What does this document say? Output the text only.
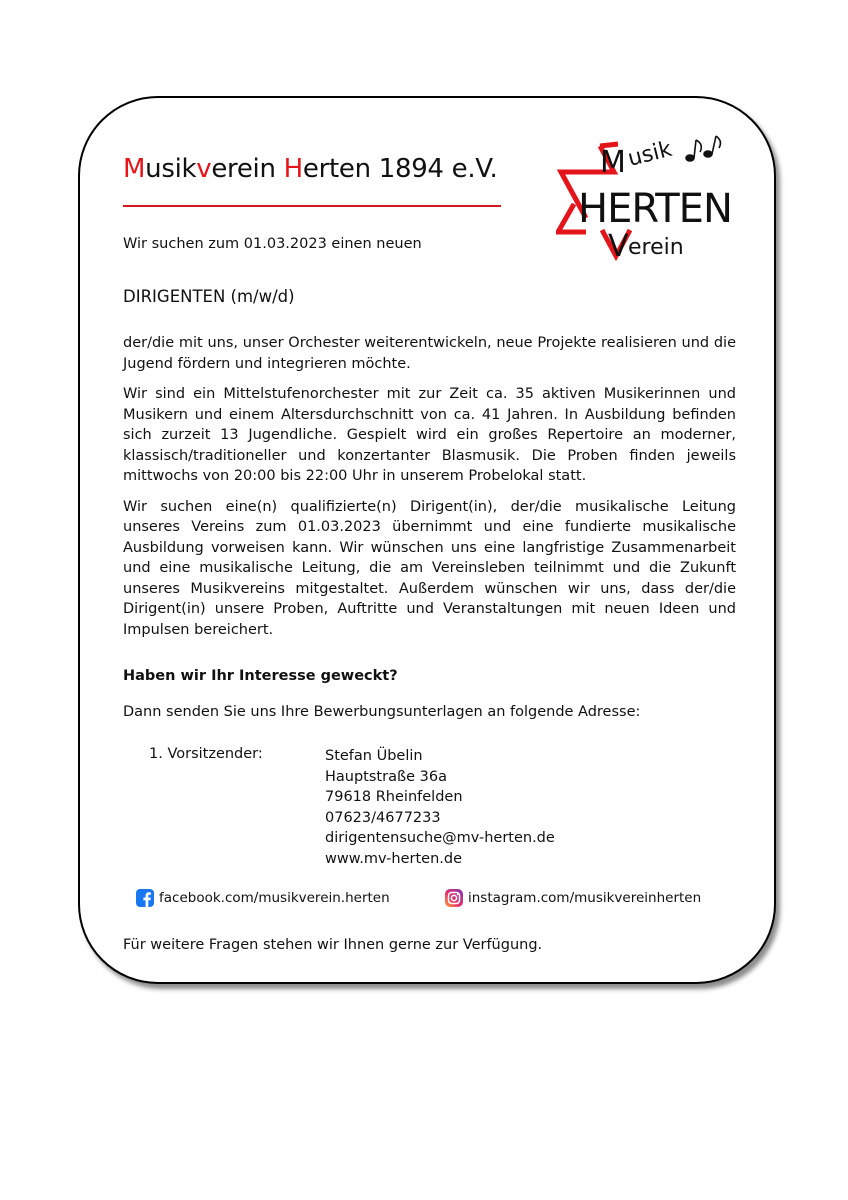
Musikverein Herten 1894 e.V.	M usik
HERTEN
V erein
Wir suchen zum 01.03.2023 einen neuen
DIRIGENTEN (m/w/d)

der/die mit uns, unser Orchester weiterentwickeln, neue Projekte realisieren und die Jugend fördern und integrieren möchte.

Wir sind ein Mittelstufenorchester mit zur Zeit ca. 35 aktiven Musikerinnen und Musikern und einem Altersdurchschnitt von ca. 41 Jahren. In Ausbildung befinden sich zurzeit 13 Jugendliche. Gespielt wird ein großes Repertoire an moderner, klassisch/traditioneller und konzertanter Blasmusik. Die Proben finden jeweils mittwochs von 20:00 bis 22:00 Uhr in unserem Probelokal statt.

Wir suchen eine(n) qualifizierte(n) Dirigent(in), der/die musikalische Leitung unseres Vereins zum 01.03.2023 übernimmt und eine fundierte musikalische Ausbildung vorweisen kann. Wir wünschen uns eine langfristige Zusammenarbeit und eine musikalische Leitung, die am Vereinsleben teilnimmt und die Zukunft unseres Musikvereins mitgestaltet. Außerdem wünschen wir uns, dass der/die Dirigent(in) unsere Proben, Auftritte und Veranstaltungen mit neuen Ideen und Impulsen bereichert.

Haben wir Ihr Interesse geweckt?
Dann senden Sie uns Ihre Bewerbungsunterlagen an folgende Adresse:
1. Vorsitzender:	Stefan Übelin
Hauptstraße 36a
79618 Rheinfelden
07623/4677233
dirigentensuche@mv-herten.de
www.mv-herten.de
facebook.com/musikverein.herten	instagram.com/musikvereinherten
Für weitere Fragen stehen wir Ihnen gerne zur Verfügung.
